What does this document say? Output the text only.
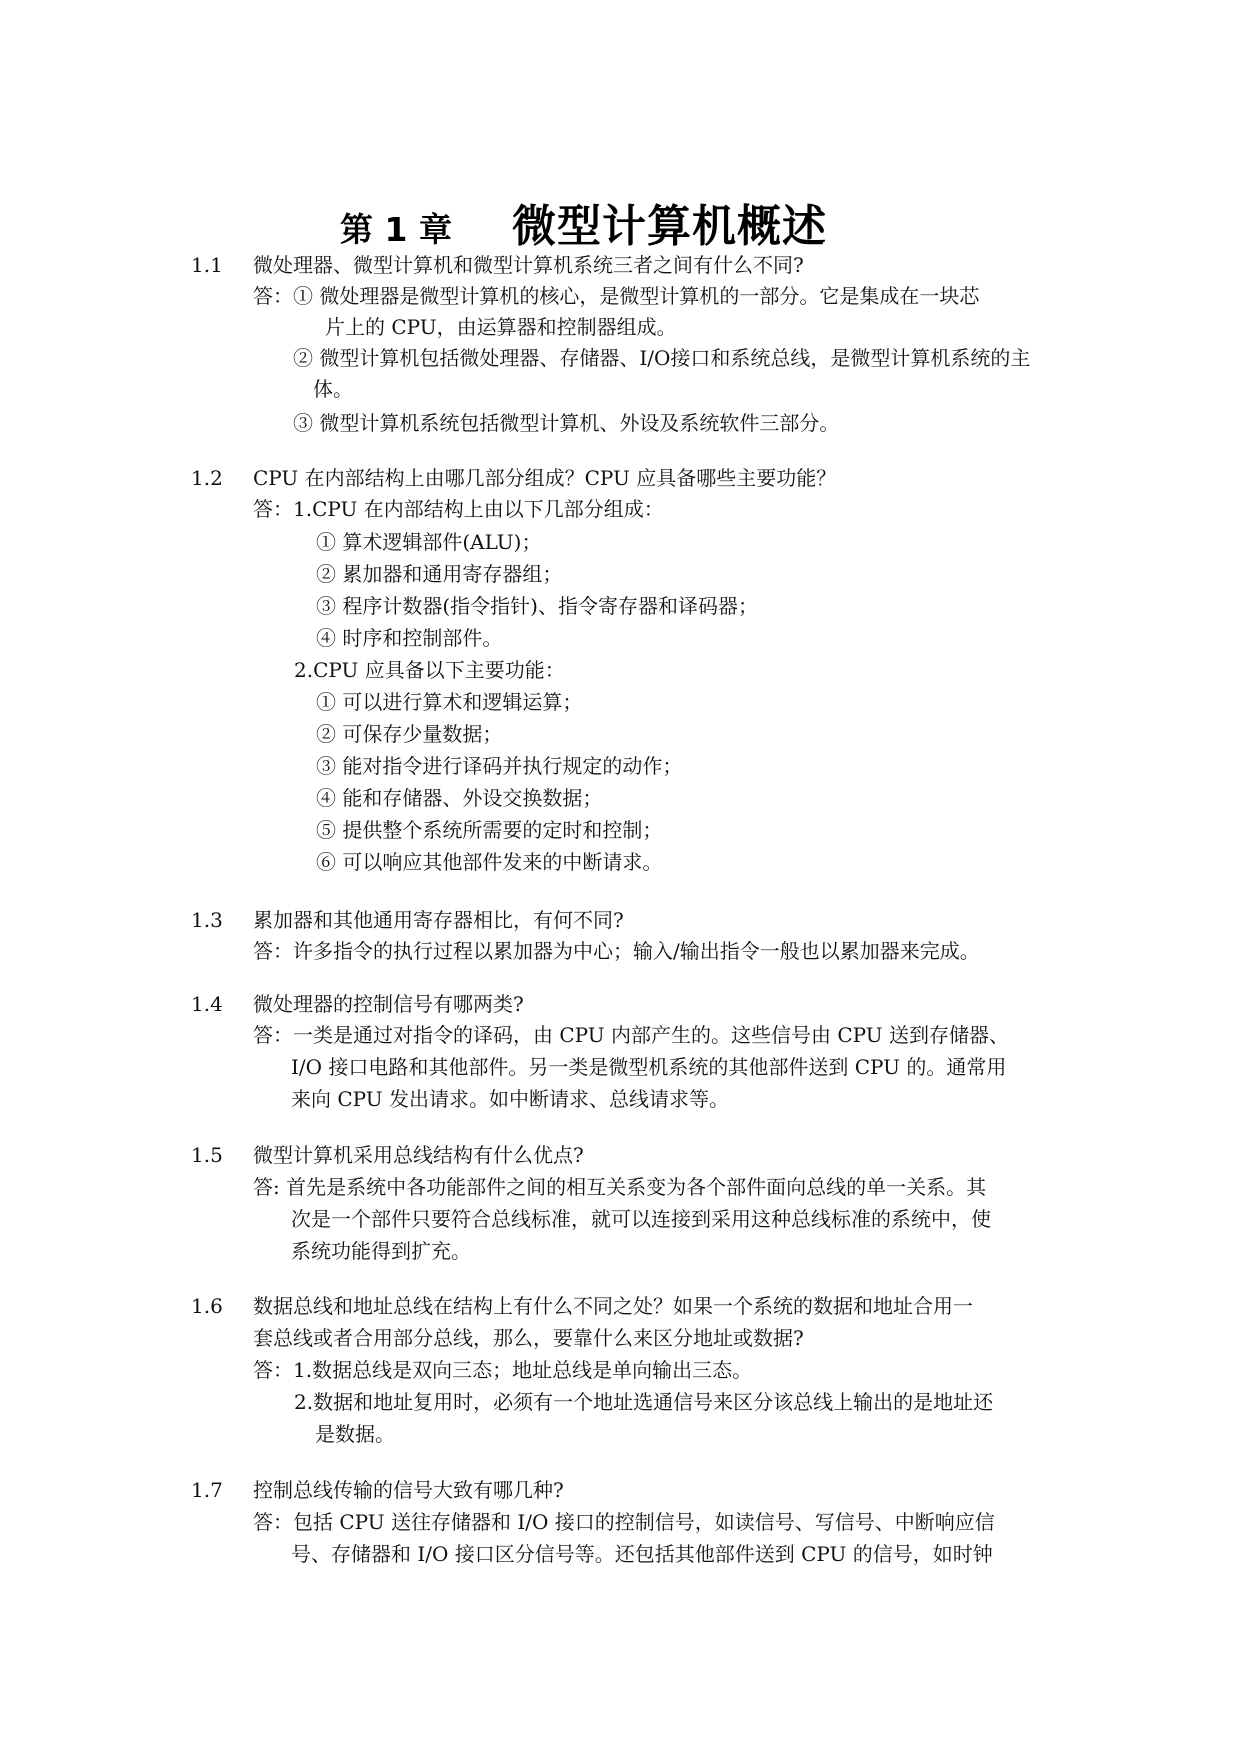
第 1 章 微型计算机概述
1.1 微处理器、微型计算机和微型计算机系统三者之间有什么不同?
答：① 微处理器是微型计算机的核心，是微型计算机的一部分。它是集成在一块芯
片上的 CPU，由运算器和控制器组成。
② 微型计算机包括微处理器、存储器、I/O接口和系统总线，是微型计算机系统的主
体。
③ 微型计算机系统包括微型计算机、外设及系统软件三部分。
1.2 CPU 在内部结构上由哪几部分组成？CPU 应具备哪些主要功能？
答：1.CPU 在内部结构上由以下几部分组成：
① 算术逻辑部件(ALU)；
② 累加器和通用寄存器组；
③ 程序计数器(指令指针)、指令寄存器和译码器；
④ 时序和控制部件。
2.CPU 应具备以下主要功能：
① 可以进行算术和逻辑运算；
② 可保存少量数据；
③ 能对指令进行译码并执行规定的动作；
④ 能和存储器、外设交换数据；
⑤ 提供整个系统所需要的定时和控制；
⑥ 可以响应其他部件发来的中断请求。
1.3 累加器和其他通用寄存器相比，有何不同?
答：许多指令的执行过程以累加器为中心；输入/输出指令一般也以累加器来完成。
1.4 微处理器的控制信号有哪两类?
答：一类是通过对指令的译码，由 CPU 内部产生的。这些信号由 CPU 送到存储器、
I/O 接口电路和其他部件。另一类是微型机系统的其他部件送到 CPU 的。通常用
来向 CPU 发出请求。如中断请求、总线请求等。
1.5 微型计算机采用总线结构有什么优点?
答: 首先是系统中各功能部件之间的相互关系变为各个部件面向总线的单一关系。其
次是一个部件只要符合总线标准，就可以连接到采用这种总线标准的系统中，使
系统功能得到扩充。
1.6 数据总线和地址总线在结构上有什么不同之处？如果一个系统的数据和地址合用一
套总线或者合用部分总线，那么，要靠什么来区分地址或数据?
答：1.数据总线是双向三态；地址总线是单向输出三态。
2.数据和地址复用时，必须有一个地址选通信号来区分该总线上输出的是地址还
是数据。
1.7 控制总线传输的信号大致有哪几种?
答：包括 CPU 送往存储器和 I/O 接口的控制信号，如读信号、写信号、中断响应信
号、存储器和 I/O 接口区分信号等。还包括其他部件送到 CPU 的信号，如时钟
